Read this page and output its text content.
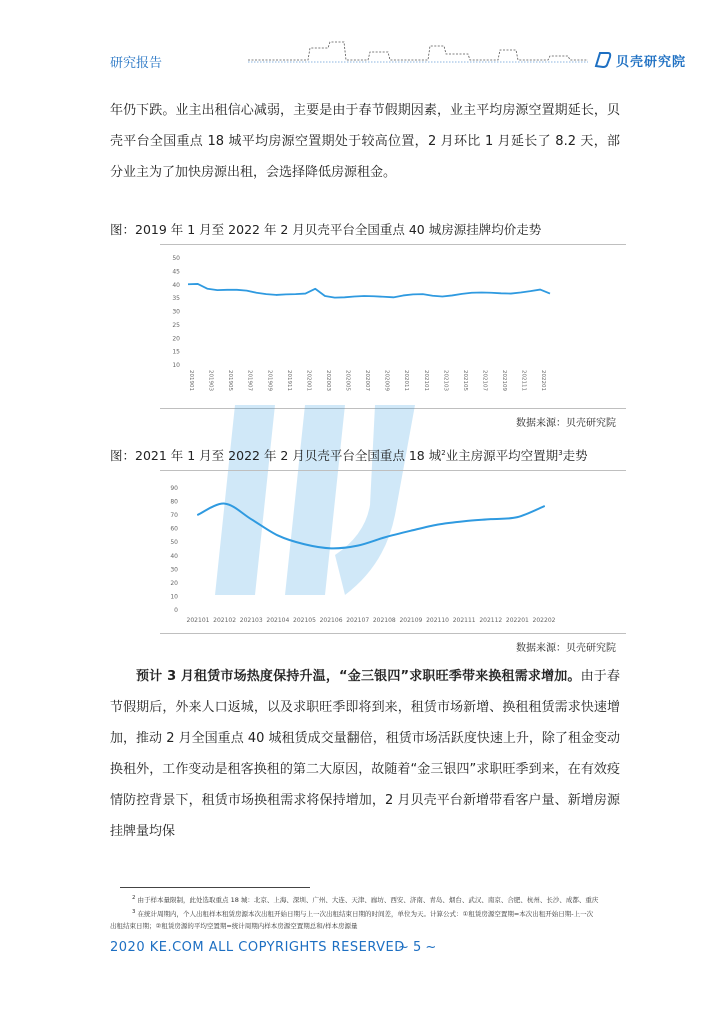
研究报告	贝壳研究院
年仍下跌。业主出租信心减弱，主要是由于春节假期因素，业主平均房源空置期延长，贝壳平台全国重点 18 城平均房源空置期处于较高位置，2 月环比 1 月延长了 8.2 天，部分业主为了加快房源出租，会选择降低房源租金。
图：2019 年 1 月至 2022 年 2 月贝壳平台全国重点 40 城房源挂牌均价走势
50
45
40
35
30
25
20
15
10
201901 201903 201905 201907 201909 201911 202001 202003 202005 202007 202009 202011 202101 202103 202105 202107 202109 202111 202201
数据来源：贝壳研究院
图：2021 年 1 月至 2022 年 2 月贝壳平台全国重点 18 城$^2$业主房源平均空置期$^3$走势
90
80
70
60
50
40
30
20
10
0
202101 202102 202103 202104 202105 202106 202107 202108 202109 202110 202111 202112 202201 202202
数据来源：贝壳研究院
预计 3 月租赁市场热度保持升温，“金三银四”求职旺季带来换租需求增加。由于春节假期后，外来人口返城，以及求职旺季即将到来，租赁市场新增、换租租赁需求快速增加，推动 2 月全国重点 40 城租赁成交量翻倍，租赁市场活跃度快速上升，除了租金变动换租外，工作变动是租客换租的第二大原因，故随着“金三银四”求职旺季到来，在有效疫情防控背景下，租赁市场换租需求将保持增加，2 月贝壳平台新增带看客户量、新增房源挂牌量均保
$^2$ 由于样本量限制，此处选取重点 18 城：北京、上海、深圳、广州、大连、天津、廊坊、西安、济南、青岛、烟台、武汉、南京、合肥、杭州、长沙、成都、重庆
$^3$ 在统计周期内，个人出租样本租赁房源本次出租开始日期与上一次出租结束日期的时间差，单位为天。计算公式：①租赁房源空置期=本次出租开始日期-上一次
出租结束日期；②租赁房源的平均空置期=统计周期内样本房源空置期总和/样本房源量
2020 KE.COM ALL COPYRIGHTS RESERVED
~ 5 ~
